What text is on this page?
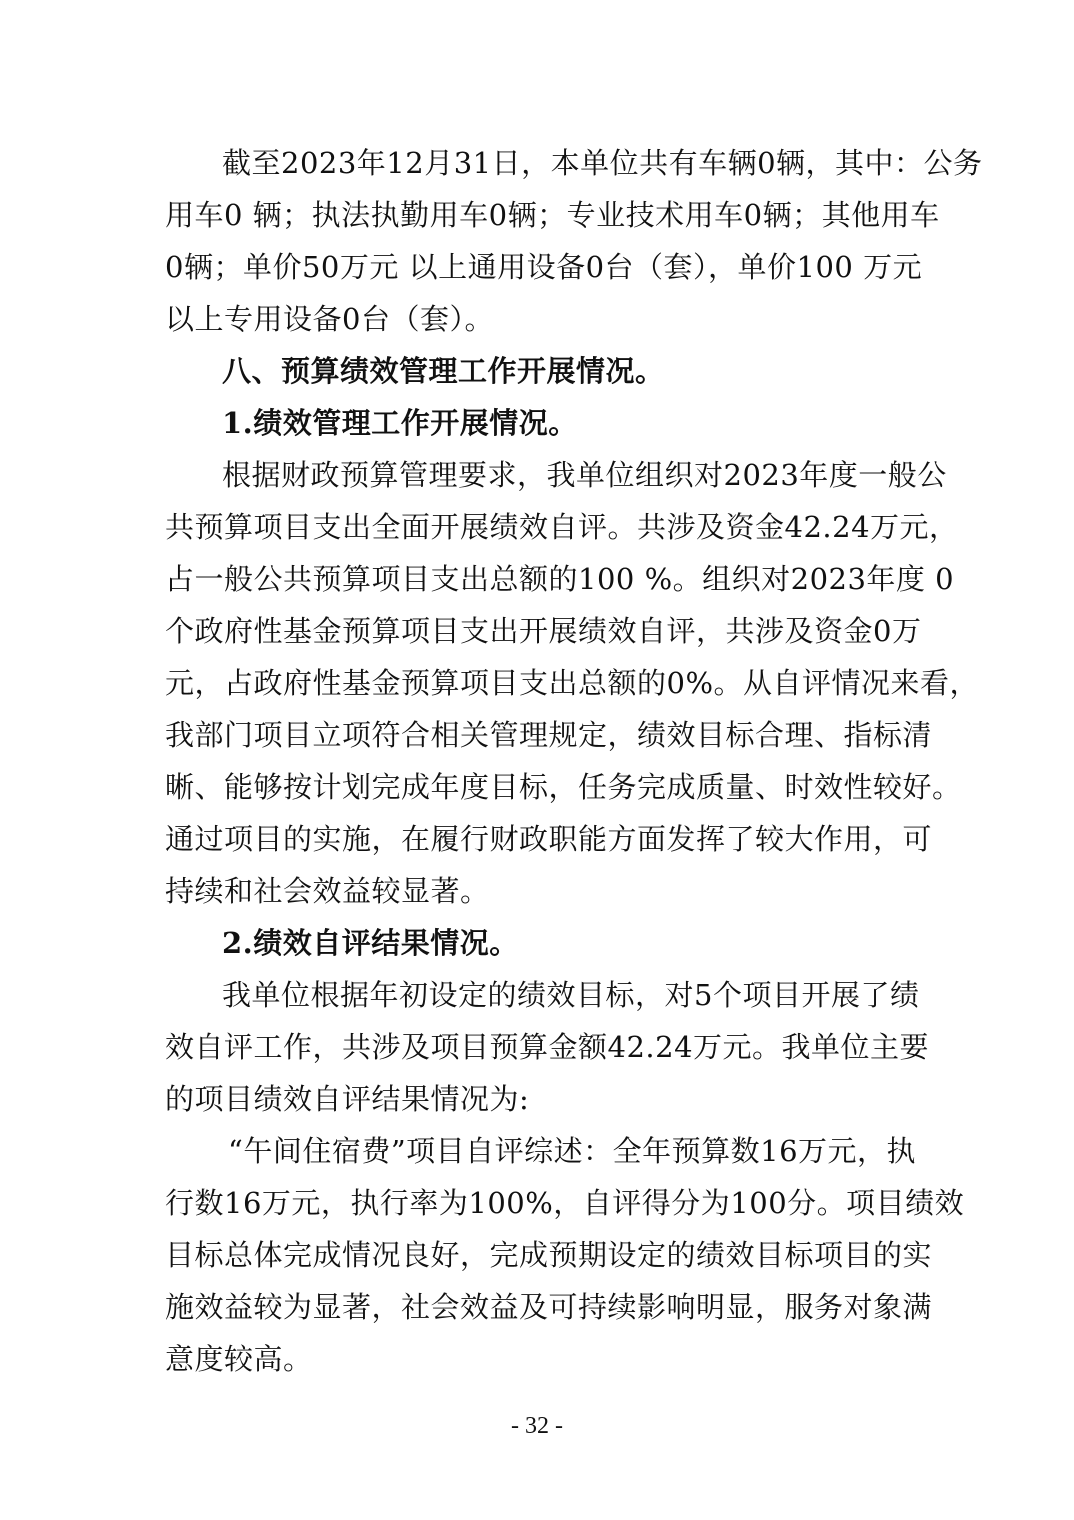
截至2023年12月31日，本单位共有车辆0辆，其中：公务
用车0 辆；执法执勤用车0辆；专业技术用车0辆；其他用车
0辆；单价50万元 以上通用设备0台（套），单价100 万元
以上专用设备0台（套）。
八、预算绩效管理工作开展情况。
1.绩效管理工作开展情况。
根据财政预算管理要求，我单位组织对2023年度一般公
共预算项目支出全面开展绩效自评。共涉及资金42.24万元，
占一般公共预算项目支出总额的100 %。组织对2023年度 0
个政府性基金预算项目支出开展绩效自评，共涉及资金0万
元，占政府性基金预算项目支出总额的0%。从自评情况来看，
我部门项目立项符合相关管理规定，绩效目标合理、指标清
晰、能够按计划完成年度目标，任务完成质量、时效性较好。
通过项目的实施，在履行财政职能方面发挥了较大作用，可
持续和社会效益较显著。
2.绩效自评结果情况。
我单位根据年初设定的绩效目标，对5个项目开展了绩
效自评工作，共涉及项目预算金额42.24万元。我单位主要
的项目绩效自评结果情况为:
“午间住宿费”项目自评综述：全年预算数16万元，执
行数16万元，执行率为100%，自评得分为100分。项目绩效
目标总体完成情况良好，完成预期设定的绩效目标项目的实
施效益较为显著，社会效益及可持续影响明显，服务对象满
意度较高。
- 32 -
